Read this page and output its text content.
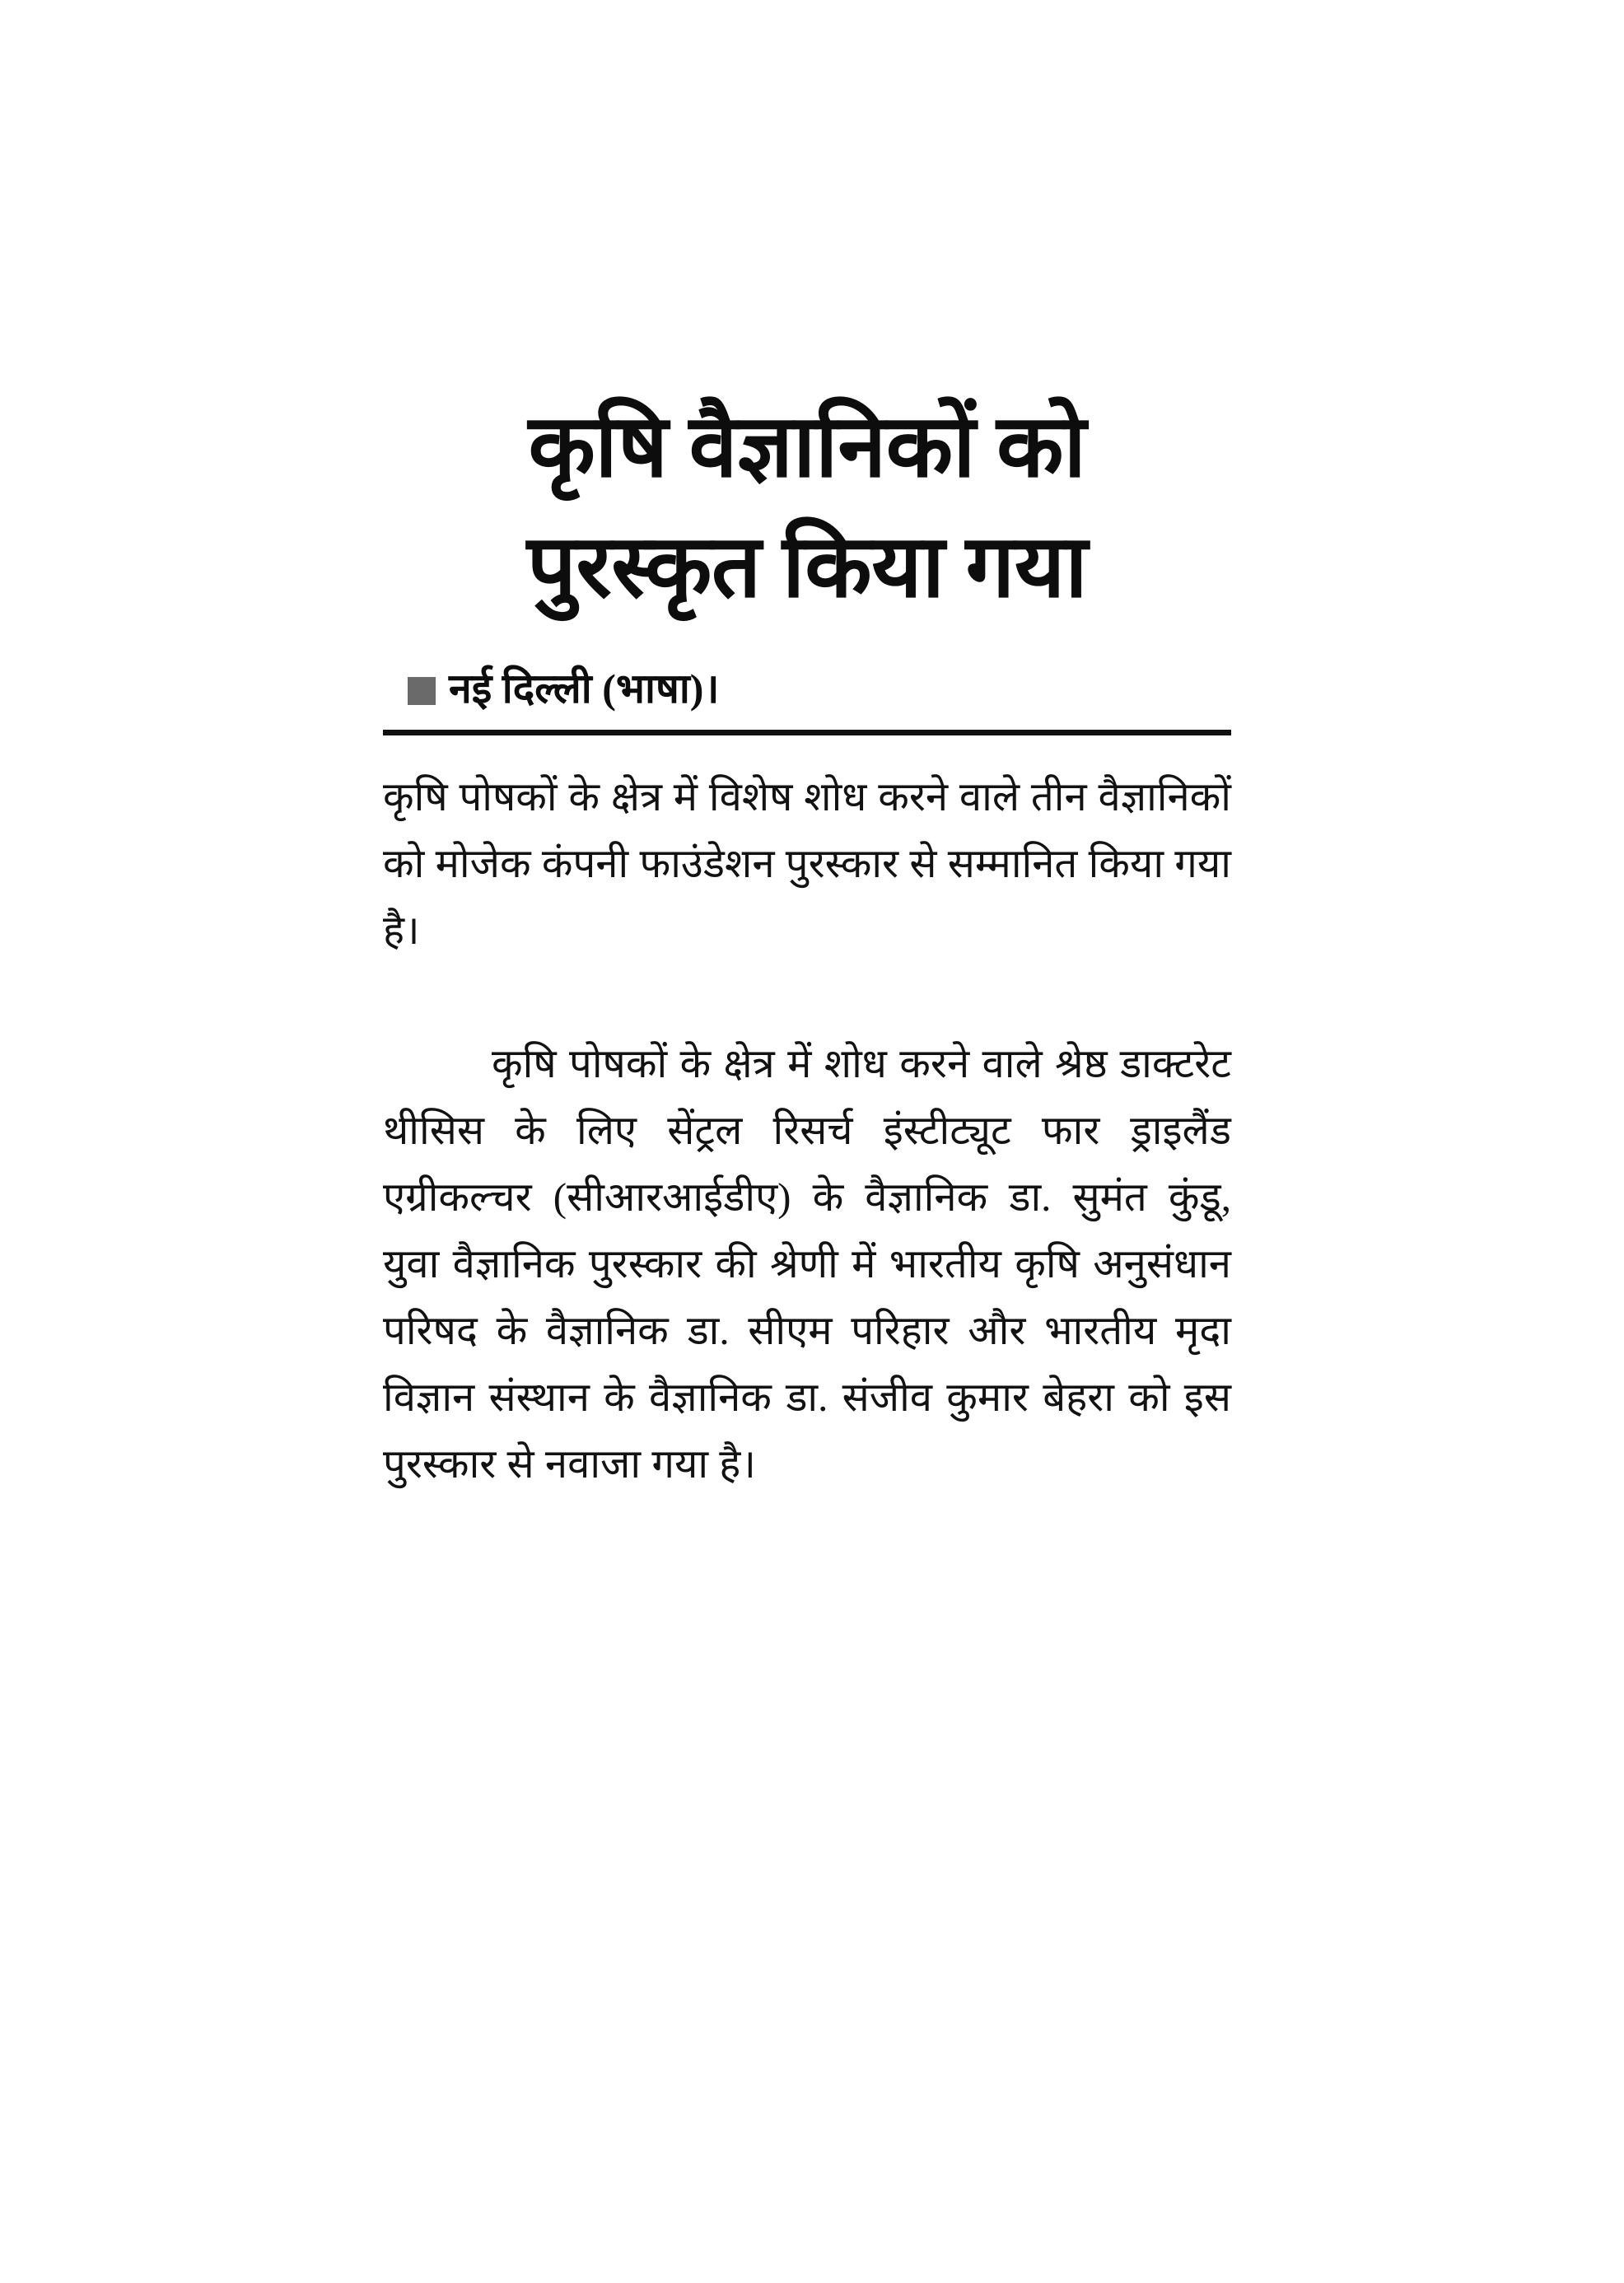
कृषि वैज्ञानिकों को
पुरस्कृत किया गया
नई दिल्ली (भाषा)।

कृषि पोषकों के क्षेत्र में विशेष शोध करने वाले तीन वैज्ञानिकों को मोजेक कंपनी फाउंडेशन पुरस्कार से सम्मानित किया गया है।

कृषि पोषकों के क्षेत्र में शोध करने वाले श्रेष्ठ डाक्टरेट थीसिस के लिए सेंट्रल रिसर्च इंस्टीट्यूट फार ड्राइलैंड एग्रीकल्चर (सीआरआईडीए) के वैज्ञानिक डा. सुमंत कुंडू, युवा वैज्ञानिक पुरस्कार की श्रेणी में भारतीय कृषि अनुसंधान परिषद के वैज्ञानिक डा. सीएम परिहार और भारतीय मृदा विज्ञान संस्थान के वैज्ञानिक डा. संजीव कुमार बेहरा को इस पुरस्कार से नवाजा गया है।
